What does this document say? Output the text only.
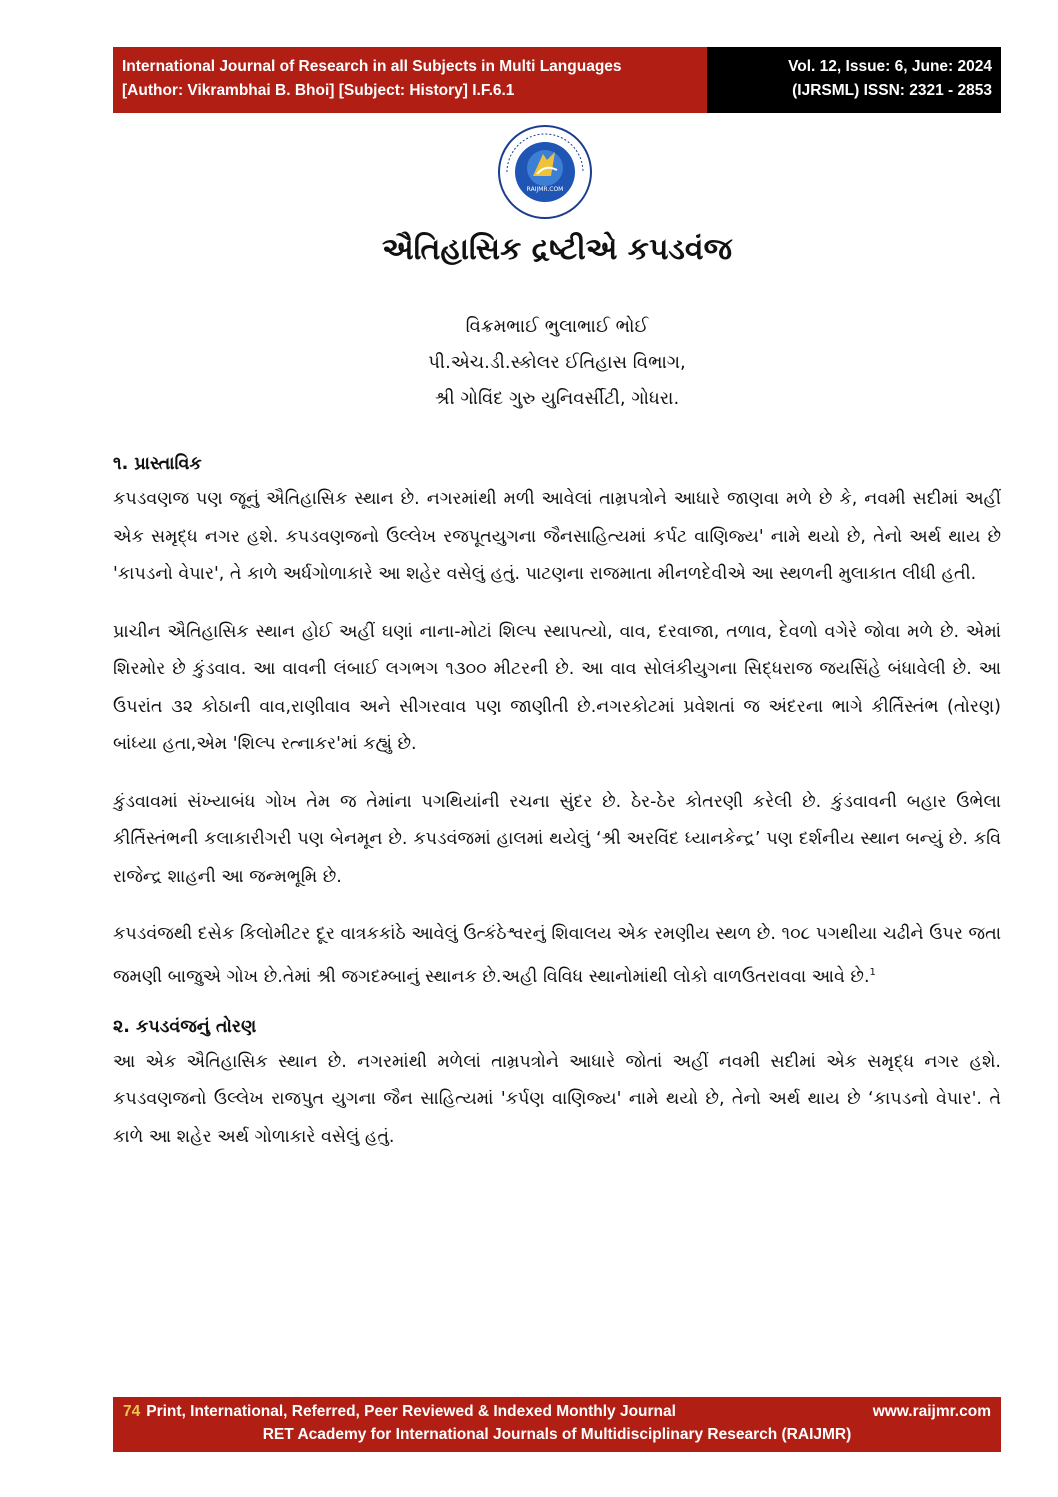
International Journal of Research in all Subjects in Multi Languages
[Author: Vikrambhai B. Bhoi] [Subject: History] I.F.6.1
Vol. 12, Issue: 6, June: 2024
(IJRSML) ISSN: 2321 - 2853
RAIJMR.COM
ઐતિહાસિક દ્રષ્ટીએ કપડવંજ
વિક્રમભાઈ ભુલાભાઈ ભોઈ
પી.એચ.ડી.સ્કોલર ઈતિહાસ વિભાગ,
શ્રી ગોવિંદ ગુરુ યુનિવર્સીટી, ગોધરા.

૧. પ્રાસ્તાવિક

કપડવણજ પણ જૂનું ઐતિહાસિક સ્થાન છે. નગરમાંથી મળી આવેલાં તામ્રપત્રોને આધારે જાણવા મળે છે કે, નવમી સદીમાં અહીં એક સમૃદ્ધ નગર હશે. કપડવણજનો ઉલ્લેખ રજપૂતયુગના જૈનસાહિત્યમાં કર્પટ વાણિજ્ય' નામે થયો છે, તેનો અર્થ થાય છે 'કાપડનો વેપાર', તે કાળે અર્ધગોળાકારે આ શહેર વસેલું હતું. પાટણના રાજમાતા મીનળદેવીએ આ સ્થળની મુલાકાત લીધી હતી.

પ્રાચીન ઐતિહાસિક સ્થાન હોઈ અહીં ઘણાં નાના-મોટાં શિલ્પ સ્થાપત્યો, વાવ, દરવાજા, તળાવ, દેવળો વગેરે જોવા મળે છે. એમાં શિરમોર છે કુંડવાવ. આ વાવની લંબાઈ લગભગ ૧૩૦૦ મીટરની છે. આ વાવ સોલંકીયુગના સિદ્ધરાજ જયસિંહે બંધાવેલી છે. આ ઉપરાંત ૩૨ કોઠાની વાવ,રાણીવાવ અને સીગરવાવ પણ જાણીતી છે.નગરકોટમાં પ્રવેશતાં જ અંદરના ભાગે કીર્તિસ્તંભ (તોરણ) બાંધ્યા હતા,એમ 'શિલ્પ રત્નાકર'માં કહ્યું છે.

કુંડવાવમાં સંખ્યાબંધ ગોખ તેમ જ તેમાંના પગથિયાંની રચના સુંદર છે. ઠેર-ઠેર કોતરણી કરેલી છે. કુંડવાવની બહાર ઉભેલા કીર્તિસ્તંભની કલાકારીગરી પણ બેનમૂન છે. કપડવંજમાં હાલમાં થયેલું ‘શ્રી અરવિંદ ધ્યાનકેન્દ્ર’ પણ દર્શનીય સ્થાન બન્યું છે. કવિ રાજેન્દ્ર શાહની આ જન્મભૂમિ છે.

કપડવંજથી દસેક કિલોમીટર દૂર વાત્રકકાંઠે આવેલું ઉત્કંઠેશ્વરનું શિવાલય એક રમણીય સ્થળ છે. ૧૦૮ પગથીયા ચઢીને ઉપર જતા જમણી બાજુએ ગોખ છે.તેમાં શ્રી જગદમ્બાનું સ્થાનક છે.અહી વિવિધ સ્થાનોમાંથી લોકો વાળઉતરાવવા આવે છે.$^1$

૨. કપડવંજનું તોરણ

આ એક ઐતિહાસિક સ્થાન છે. નગરમાંથી મળેલાં તામ્રપત્રોને આધારે જોતાં અહીં નવમી સદીમાં એક સમૃદ્ધ નગર હશે. કપડવણજનો ઉલ્લેખ રાજપુત યુગના જૈન સાહિત્યમાં 'કર્પણ વાણિજ્ય' નામે થયો છે, તેનો અર્થ થાય છે ‘કાપડનો વેપાર'. તે કાળે આ શહેર અર્થ ગોળાકારે વસેલું હતું.

74 Print, International, Referred, Peer Reviewed & Indexed Monthly Journal	www.raijmr.com
RET Academy for International Journals of Multidisciplinary Research (RAIJMR)
